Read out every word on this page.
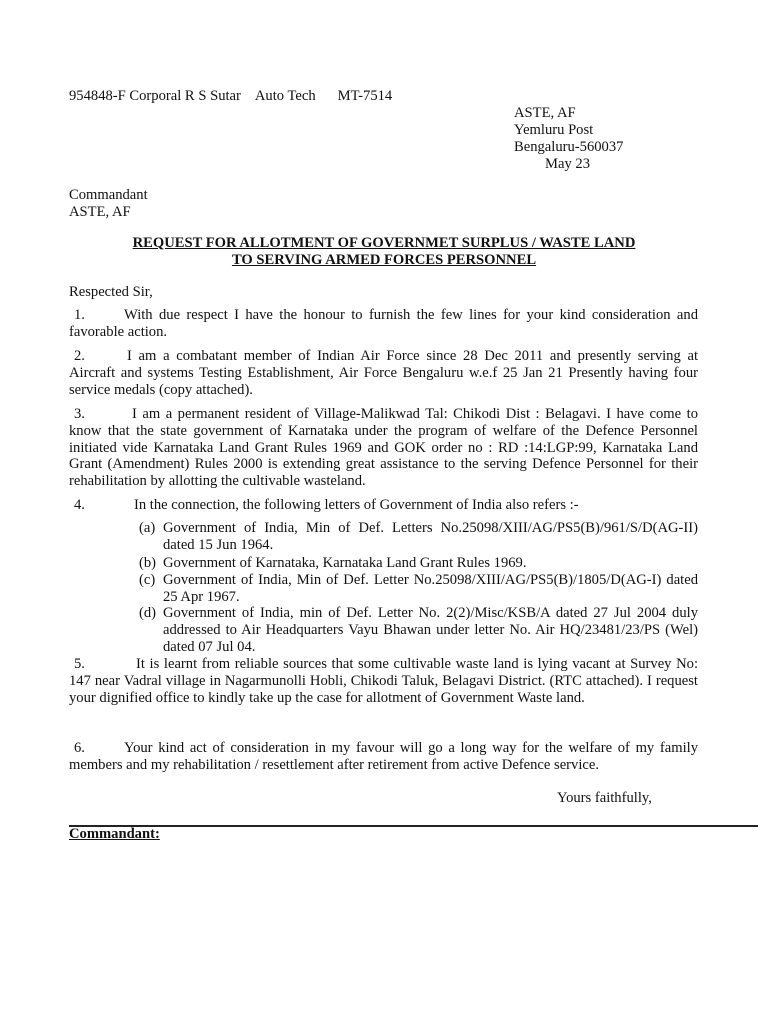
954848-F Corporal R S Sutar Auto Tech MT-7514
ASTE, AF
Yemluru Post
Bengaluru-560037
May 23
Commandant
ASTE, AF
REQUEST FOR ALLOTMENT OF GOVERNMET SURPLUS / WASTE LAND
TO SERVING ARMED FORCES PERSONNEL
Respected Sir,
1.	With due respect I have the honour to furnish the few lines for your kind consideration and favorable action.
2.	I am a combatant member of Indian Air Force since 28 Dec 2011 and presently serving at Aircraft and systems Testing Establishment, Air Force Bengaluru w.e.f 25 Jan 21 Presently having four service medals (copy attached).
3.	I am a permanent resident of Village-Malikwad Tal: Chikodi Dist : Belagavi. I have come to know that the state government of Karnataka under the program of welfare of the Defence Personnel initiated vide Karnataka Land Grant Rules 1969 and GOK order no : RD :14:LGP:99, Karnataka Land Grant (Amendment) Rules 2000 is extending great assistance to the serving Defence Personnel for their rehabilitation by allotting the cultivable wasteland.
4.	In the connection, the following letters of Government of India also refers :-
(a) Government of India, Min of Def. Letters No.25098/XIII/AG/PS5(B)/961/S/D(AG-II) dated 15 Jun 1964.
(b) Government of Karnataka, Karnataka Land Grant Rules 1969.
(c) Government of India, Min of Def. Letter No.25098/XIII/AG/PS5(B)/1805/D(AG-I) dated 25 Apr 1967.
(d) Government of India, min of Def. Letter No. 2(2)/Misc/KSB/A dated 27 Jul 2004 duly addressed to Air Headquarters Vayu Bhawan under letter No. Air HQ/23481/23/PS (Wel) dated 07 Jul 04.
5.	It is learnt from reliable sources that some cultivable waste land is lying vacant at Survey No: 147 near Vadral village in Nagarmunolli Hobli, Chikodi Taluk, Belagavi District. (RTC attached). I request your dignified office to kindly take up the case for allotment of Government Waste land.
6.	Your kind act of consideration in my favour will go a long way for the welfare of my family members and my rehabilitation / resettlement after retirement from active Defence service.
Yours faithfully,
Commandant:
